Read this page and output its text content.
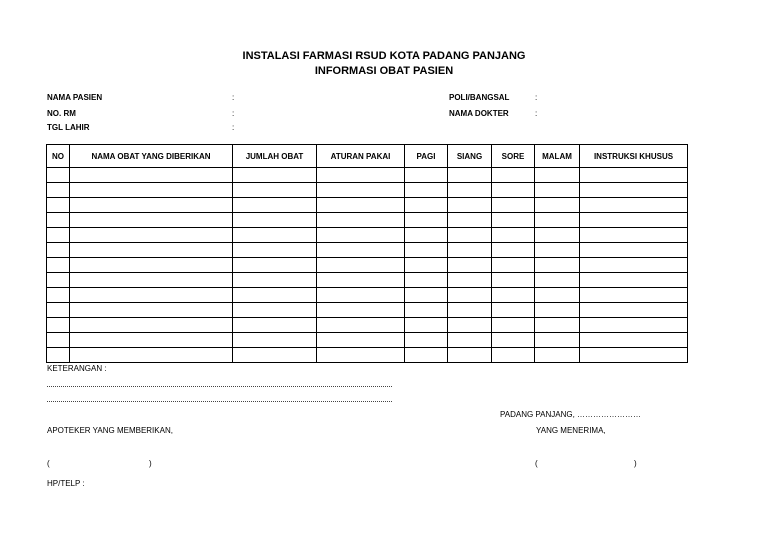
INSTALASI FARMASI RSUD KOTA PADANG PANJANG
INFORMASI OBAT PASIEN
NAMA PASIEN	:
NO. RM	:
TGL LAHIR	:
POLI/BANGSAL	:
NAMA DOKTER	:
NO	NAMA OBAT YANG DIBERIKAN	JUMLAH OBAT	ATURAN PAKAI	PAGI	SIANG	SORE	MALAM	INSTRUKSI KHUSUS

KETERANGAN :
PADANG PANJANG, ……………………
APOTEKER YANG MEMBERIKAN,	YANG MENERIMA,
(	)	(	)
HP/TELP :
